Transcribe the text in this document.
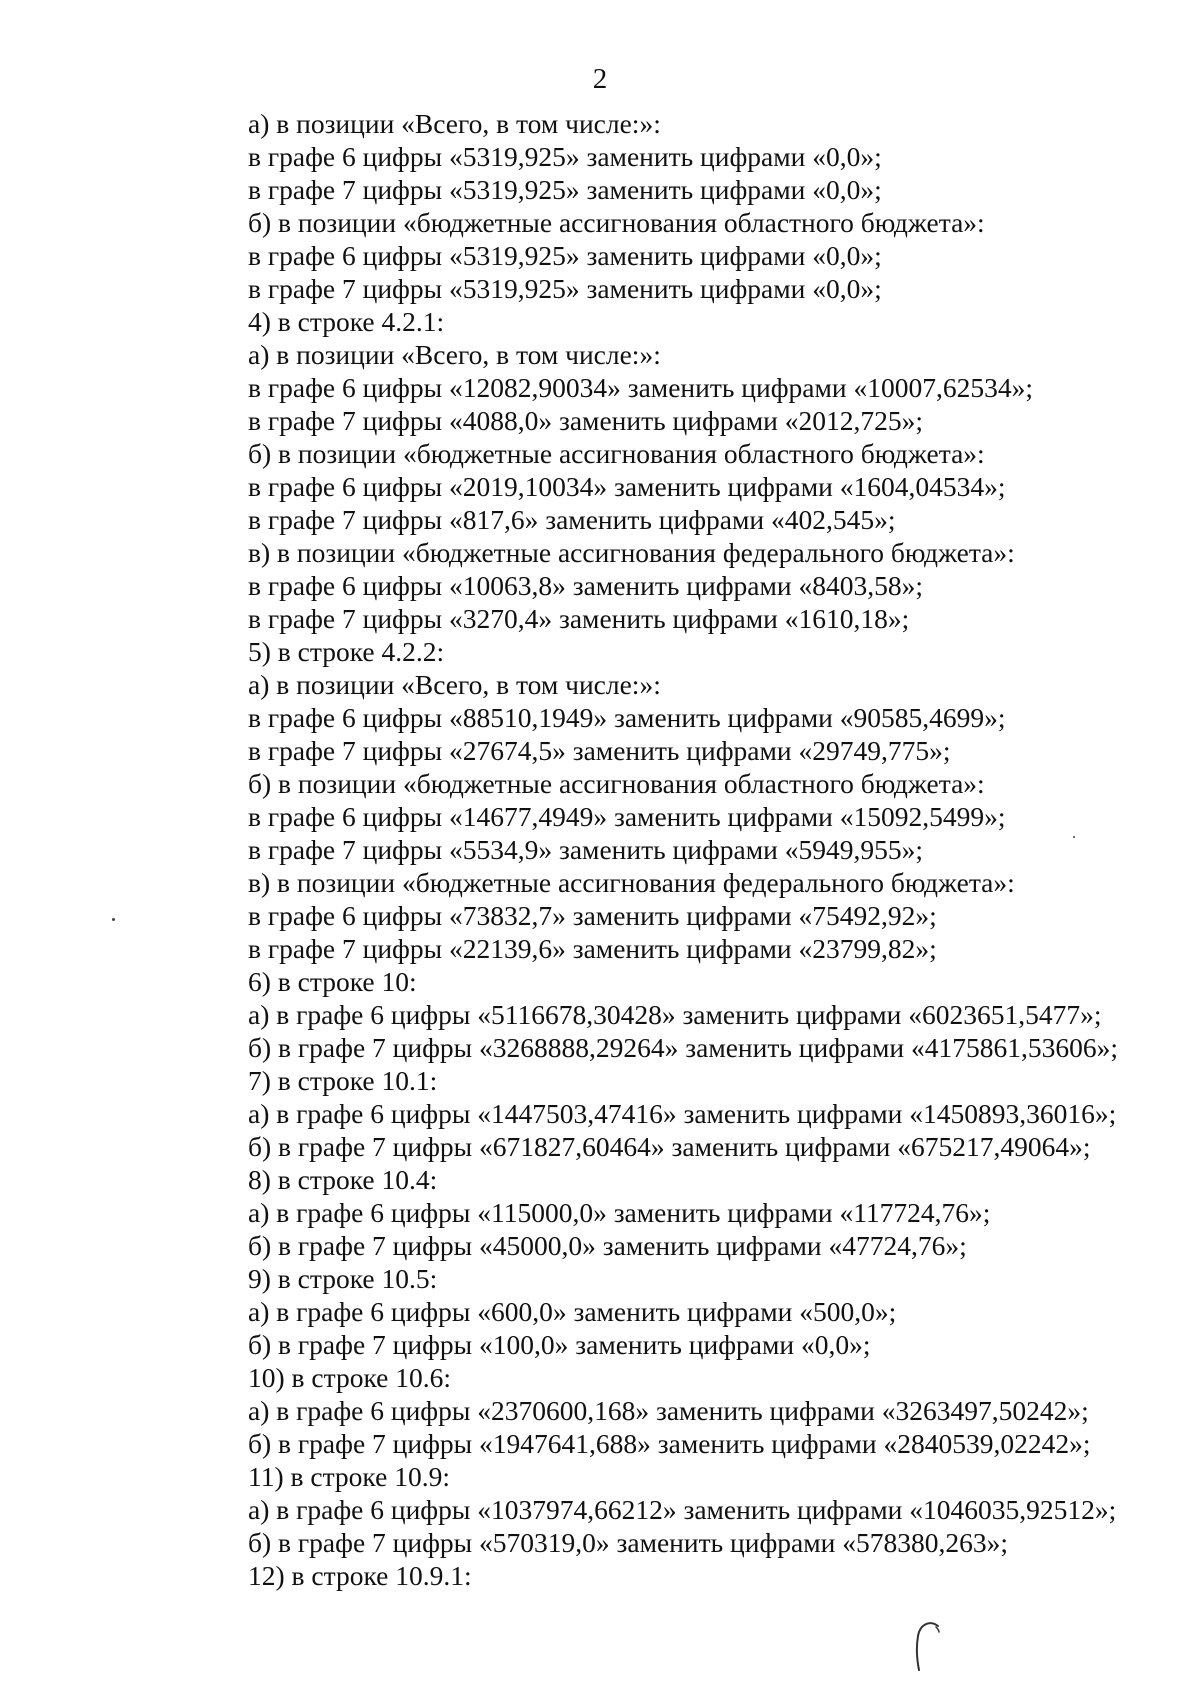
2
а) в позиции «Всего, в том числе:»:
в графе 6 цифры «5319,925» заменить цифрами «0,0»;
в графе 7 цифры «5319,925» заменить цифрами «0,0»;
б) в позиции «бюджетные ассигнования областного бюджета»:
в графе 6 цифры «5319,925» заменить цифрами «0,0»;
в графе 7 цифры «5319,925» заменить цифрами «0,0»;
4) в строке 4.2.1:
а) в позиции «Всего, в том числе:»:
в графе 6 цифры «12082,90034» заменить цифрами «10007,62534»;
в графе 7 цифры «4088,0» заменить цифрами «2012,725»;
б) в позиции «бюджетные ассигнования областного бюджета»:
в графе 6 цифры «2019,10034» заменить цифрами «1604,04534»;
в графе 7 цифры «817,6» заменить цифрами «402,545»;
в) в позиции «бюджетные ассигнования федерального бюджета»:
в графе 6 цифры «10063,8» заменить цифрами «8403,58»;
в графе 7 цифры «3270,4» заменить цифрами «1610,18»;
5) в строке 4.2.2:
а) в позиции «Всего, в том числе:»:
в графе 6 цифры «88510,1949» заменить цифрами «90585,4699»;
в графе 7 цифры «27674,5» заменить цифрами «29749,775»;
б) в позиции «бюджетные ассигнования областного бюджета»:
в графе 6 цифры «14677,4949» заменить цифрами «15092,5499»;
в графе 7 цифры «5534,9» заменить цифрами «5949,955»;
в) в позиции «бюджетные ассигнования федерального бюджета»:
в графе 6 цифры «73832,7» заменить цифрами «75492,92»;
в графе 7 цифры «22139,6» заменить цифрами «23799,82»;
6) в строке 10:
а) в графе 6 цифры «5116678,30428» заменить цифрами «6023651,5477»;
б) в графе 7 цифры «3268888,29264» заменить цифрами «4175861,53606»;
7) в строке 10.1:
а) в графе 6 цифры «1447503,47416» заменить цифрами «1450893,36016»;
б) в графе 7 цифры «671827,60464» заменить цифрами «675217,49064»;
8) в строке 10.4:
а) в графе 6 цифры «115000,0» заменить цифрами «117724,76»;
б) в графе 7 цифры «45000,0» заменить цифрами «47724,76»;
9) в строке 10.5:
а) в графе 6 цифры «600,0» заменить цифрами «500,0»;
б) в графе 7 цифры «100,0» заменить цифрами «0,0»;
10) в строке 10.6:
а) в графе 6 цифры «2370600,168» заменить цифрами «3263497,50242»;
б) в графе 7 цифры «1947641,688» заменить цифрами «2840539,02242»;
11) в строке 10.9:
а) в графе 6 цифры «1037974,66212» заменить цифрами «1046035,92512»;
б) в графе 7 цифры «570319,0» заменить цифрами «578380,263»;
12) в строке 10.9.1:
